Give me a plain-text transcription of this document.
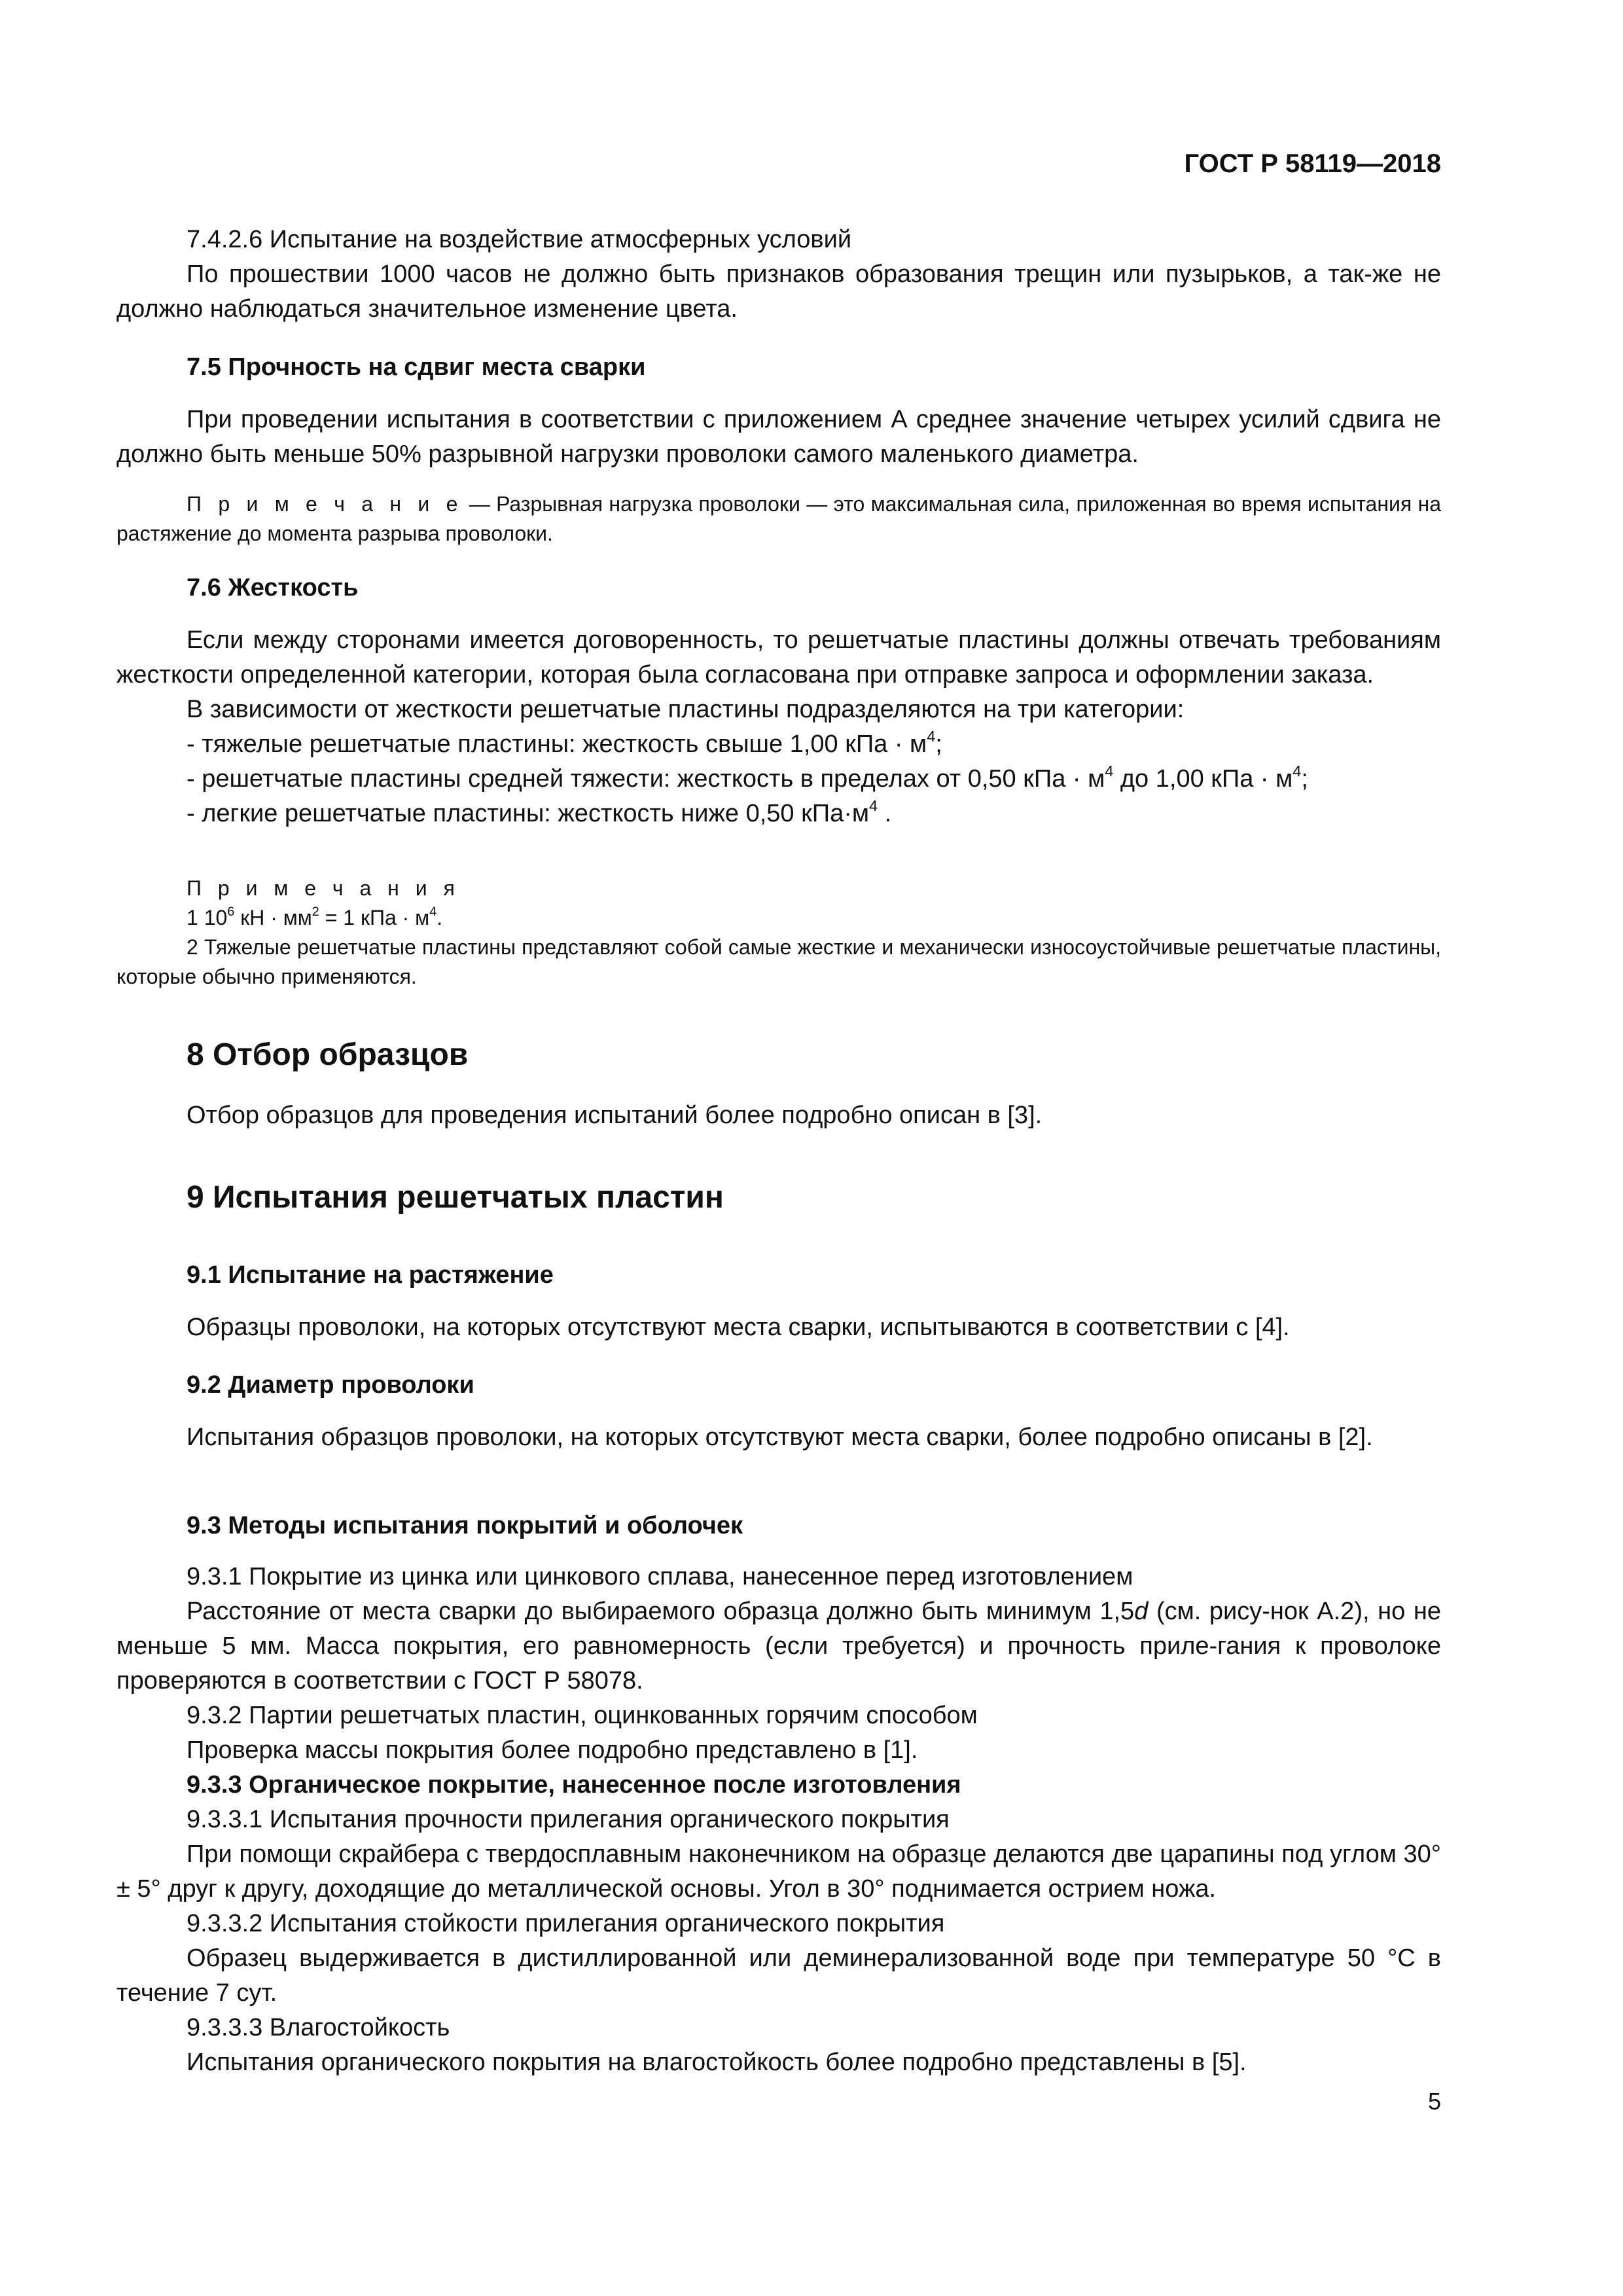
ГОСТ Р 58119—2018

7.4.2.6 Испытание на воздействие атмосферных условий

По прошествии 1000 часов не должно быть признаков образования трещин или пузырьков, а так-же не должно наблюдаться значительное изменение цвета.

7.5 Прочность на сдвиг места сварки

При проведении испытания в соответствии с приложением А среднее значение четырех усилий сдвига не должно быть меньше 50% разрывной нагрузки проволоки самого маленького диаметра.

П р и м е ч а н и е — Разрывная нагрузка проволоки — это максимальная сила, приложенная во время испытания на растяжение до момента разрыва проволоки.

7.6 Жесткость

Если между сторонами имеется договоренность, то решетчатые пластины должны отвечать требованиям жесткости определенной категории, которая была согласована при отправке запроса и оформлении заказа.

В зависимости от жесткости решетчатые пластины подразделяются на три категории:

- тяжелые решетчатые пластины: жесткость свыше 1,00 кПа · $м^4$;

- решетчатые пластины средней тяжести: жесткость в пределах от 0,50 кПа · $м^4$ до 1,00 кПа · $м^4$;

- легкие решетчатые пластины: жесткость ниже 0,50 $кПа\cdot м^4$ .

П р и м е ч а н и я

1 $10^6$ кН · $мм^2 = 1$ кПа · $м^4$.

2 Тяжелые решетчатые пластины представляют собой самые жесткие и механически износоустойчивые решетчатые пластины, которые обычно применяются.

8 Отбор образцов

Отбор образцов для проведения испытаний более подробно описан в [3].

9 Испытания решетчатых пластин

9.1 Испытание на растяжение

Образцы проволоки, на которых отсутствуют места сварки, испытываются в соответствии с [4].

9.2 Диаметр проволоки

Испытания образцов проволоки, на которых отсутствуют места сварки, более подробно описаны в [2].

9.3 Методы испытания покрытий и оболочек

9.3.1 Покрытие из цинка или цинкового сплава, нанесенное перед изготовлением

Расстояние от места сварки до выбираемого образца должно быть минимум 1,5d (см. рису-нок А.2), но не меньше 5 мм. Масса покрытия, его равномерность (если требуется) и прочность приле-гания к проволоке проверяются в соответствии с ГОСТ Р 58078.

9.3.2 Партии решетчатых пластин, оцинкованных горячим способом

Проверка массы покрытия более подробно представлено в [1].

9.3.3 Органическое покрытие, нанесенное после изготовления

9.3.3.1 Испытания прочности прилегания органического покрытия

При помощи скрайбера с твердосплавным наконечником на образце делаются две царапины под углом 30° ± 5° друг к другу, доходящие до металлической основы. Угол в 30° поднимается острием ножа.

9.3.3.2 Испытания стойкости прилегания органического покрытия

Образец выдерживается в дистиллированной или деминерализованной воде при температуре 50 °С в течение 7 сут.

9.3.3.3 Влагостойкость

Испытания органического покрытия на влагостойкость более подробно представлены в [5].

5
